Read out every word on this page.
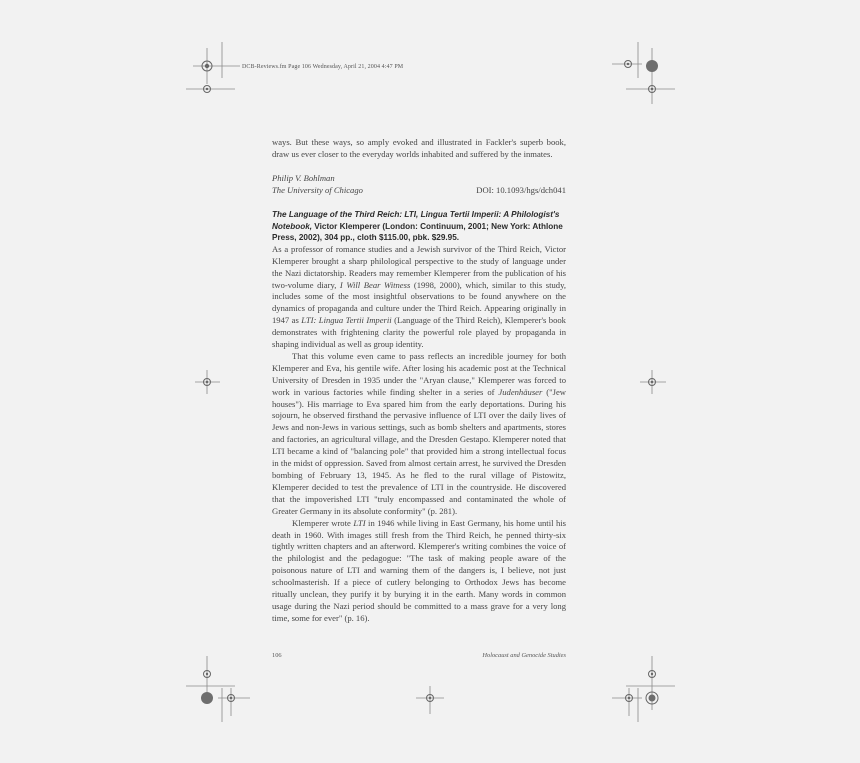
DCB-Reviews.fm Page 106 Wednesday, April 21, 2004 4:47 PM

ways. But these ways, so amply evoked and illustrated in Fackler's superb book, draw us ever closer to the everyday worlds inhabited and suffered by the inmates.

Philip V. Bohlman
The University of Chicago	DOI: 10.1093/hgs/dch041
The Language of the Third Reich: LTI, Lingua Tertii Imperii: A Philologist's Notebook, Victor Klemperer (London: Continuum, 2001; New York: Athlone Press, 2002), 304 pp., cloth $115.00, pbk. $29.95.

As a professor of romance studies and a Jewish survivor of the Third Reich, Victor Klemperer brought a sharp philological perspective to the study of language under the Nazi dictatorship. Readers may remember Klemperer from the publication of his two-volume diary, I Will Bear Witness (1998, 2000), which, similar to this study, includes some of the most insightful observations to be found anywhere on the dynamics of propaganda and culture under the Third Reich. Appearing originally in 1947 as LTI: Lingua Tertii Imperii (Language of the Third Reich), Klemperer's book demonstrates with frightening clarity the powerful role played by propaganda in shaping individual as well as group identity.

That this volume even came to pass reflects an incredible journey for both Klemperer and Eva, his gentile wife. After losing his academic post at the Technical University of Dresden in 1935 under the "Aryan clause," Klemperer was forced to work in various factories while finding shelter in a series of Judenhäuser ("Jew houses"). His marriage to Eva spared him from the early deportations. During his sojourn, he observed firsthand the pervasive influence of LTI over the daily lives of Jews and non-Jews in various settings, such as bomb shelters and apartments, stores and factories, an agricultural village, and the Dresden Gestapo. Klemperer noted that LTI became a kind of "balancing pole" that provided him a strong intellectual focus in the midst of oppression. Saved from almost certain arrest, he survived the Dresden bombing of February 13, 1945. As he fled to the rural village of Pistowitz, Klemperer decided to test the prevalence of LTI in the countryside. He discovered that the impoverished LTI "truly encompassed and contaminated the whole of Greater Germany in its absolute conformity" (p. 281).

Klemperer wrote LTI in 1946 while living in East Germany, his home until his death in 1960. With images still fresh from the Third Reich, he penned thirty-six tightly written chapters and an afterword. Klemperer's writing combines the voice of the philologist and the pedagogue: "The task of making people aware of the poisonous nature of LTI and warning them of the dangers is, I believe, not just schoolmasterish. If a piece of cutlery belonging to Orthodox Jews has become ritually unclean, they purify it by burying it in the earth. Many words in common usage during the Nazi period should be committed to a mass grave for a very long time, some for ever" (p. 16).

106	Holocaust and Genocide Studies
